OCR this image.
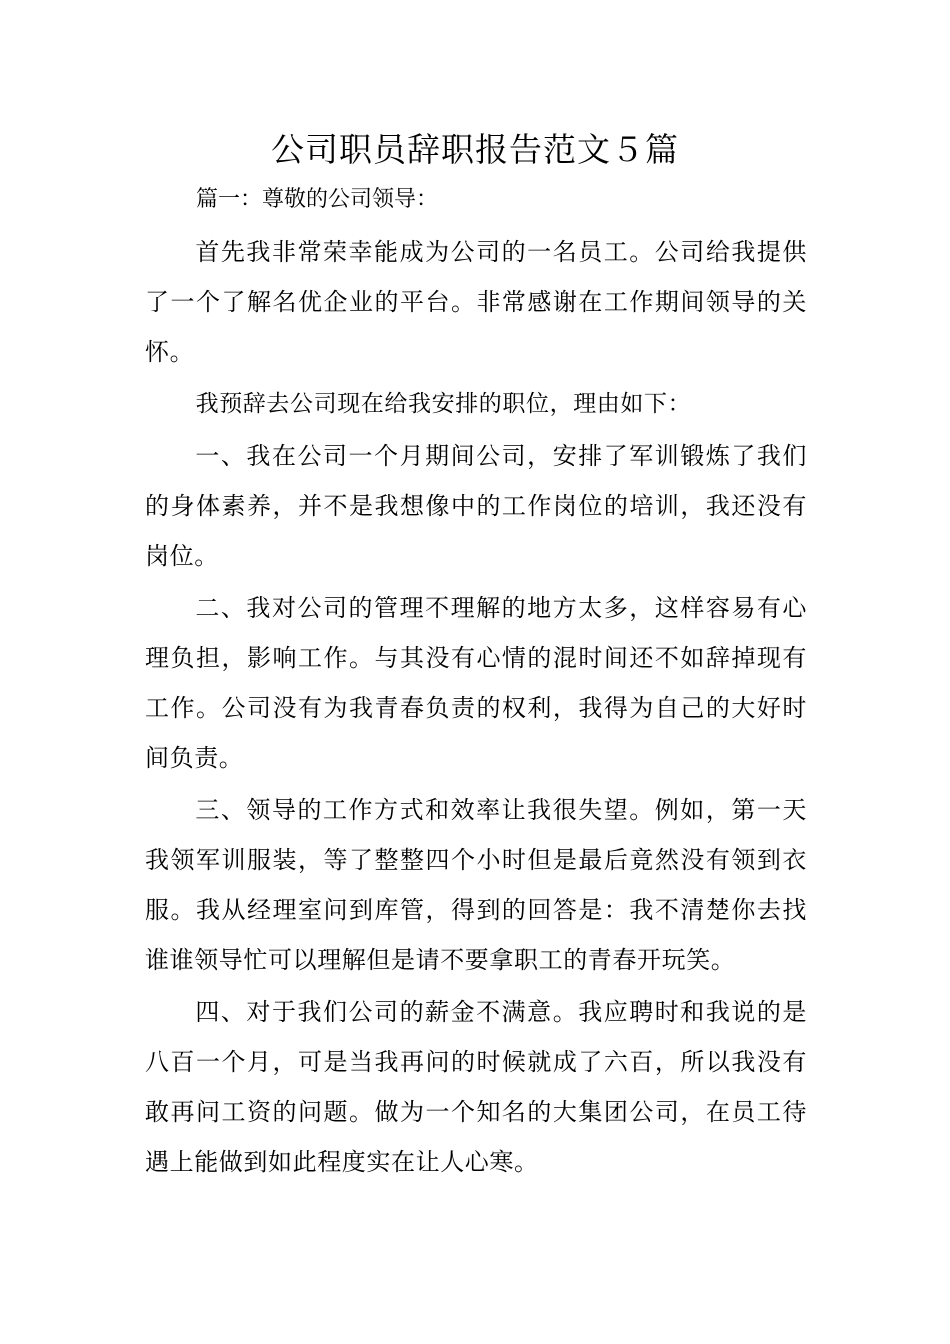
公司职员辞职报告范文５篇

篇一：尊敬的公司领导：

首先我非常荣幸能成为公司的一名员工。公司给我提供了一个了解名优企业的平台。非常感谢在工作期间领导的关怀。

我预辞去公司现在给我安排的职位，理由如下：

一、我在公司一个月期间公司，安排了军训锻炼了我们的身体素养，并不是我想像中的工作岗位的培训，我还没有岗位。

二、我对公司的管理不理解的地方太多，这样容易有心理负担，影响工作。与其没有心情的混时间还不如辞掉现有工作。公司没有为我青春负责的权利，我得为自己的大好时间负责。

三、领导的工作方式和效率让我很失望。例如，第一天我领军训服装，等了整整四个小时但是最后竟然没有领到衣服。我从经理室问到库管，得到的回答是：我不清楚你去找谁谁领导忙可以理解但是请不要拿职工的青春开玩笑。

四、对于我们公司的薪金不满意。我应聘时和我说的是八百一个月，可是当我再问的时候就成了六百，所以我没有敢再问工资的问题。做为一个知名的大集团公司，在员工待遇上能做到如此程度实在让人心寒。
